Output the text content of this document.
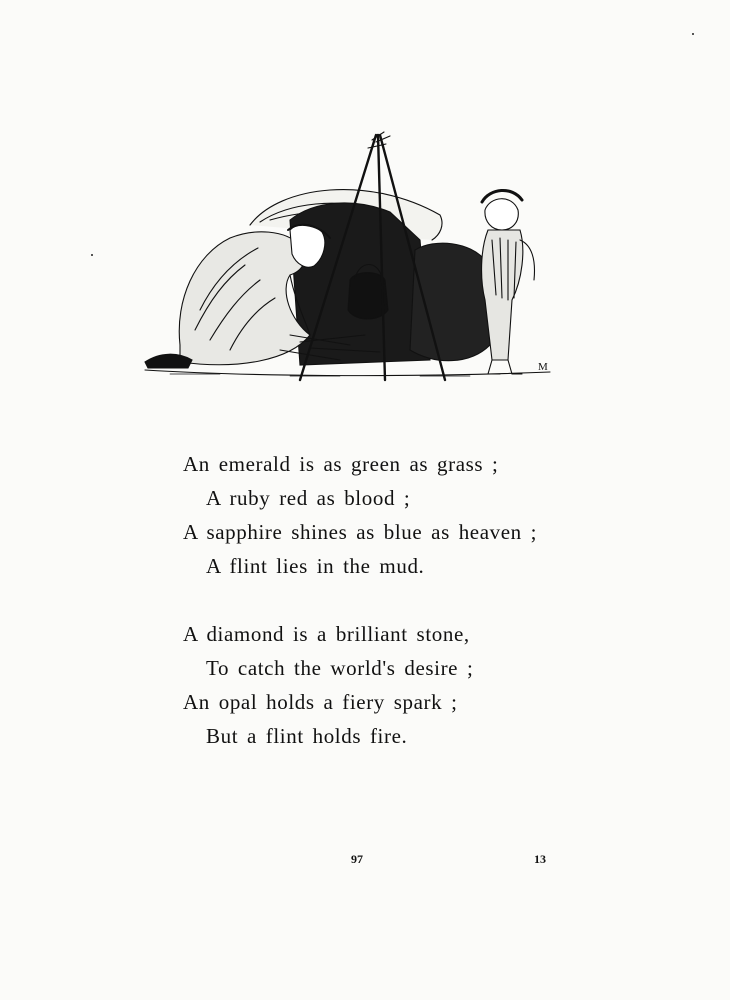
M
An emerald is as green as grass ;
A ruby red as blood ;
A sapphire shines as blue as heaven ;
A flint lies in the mud.
A diamond is a brilliant stone,
To catch the world's desire ;
An opal holds a fiery spark ;
But a flint holds fire.
97	13
